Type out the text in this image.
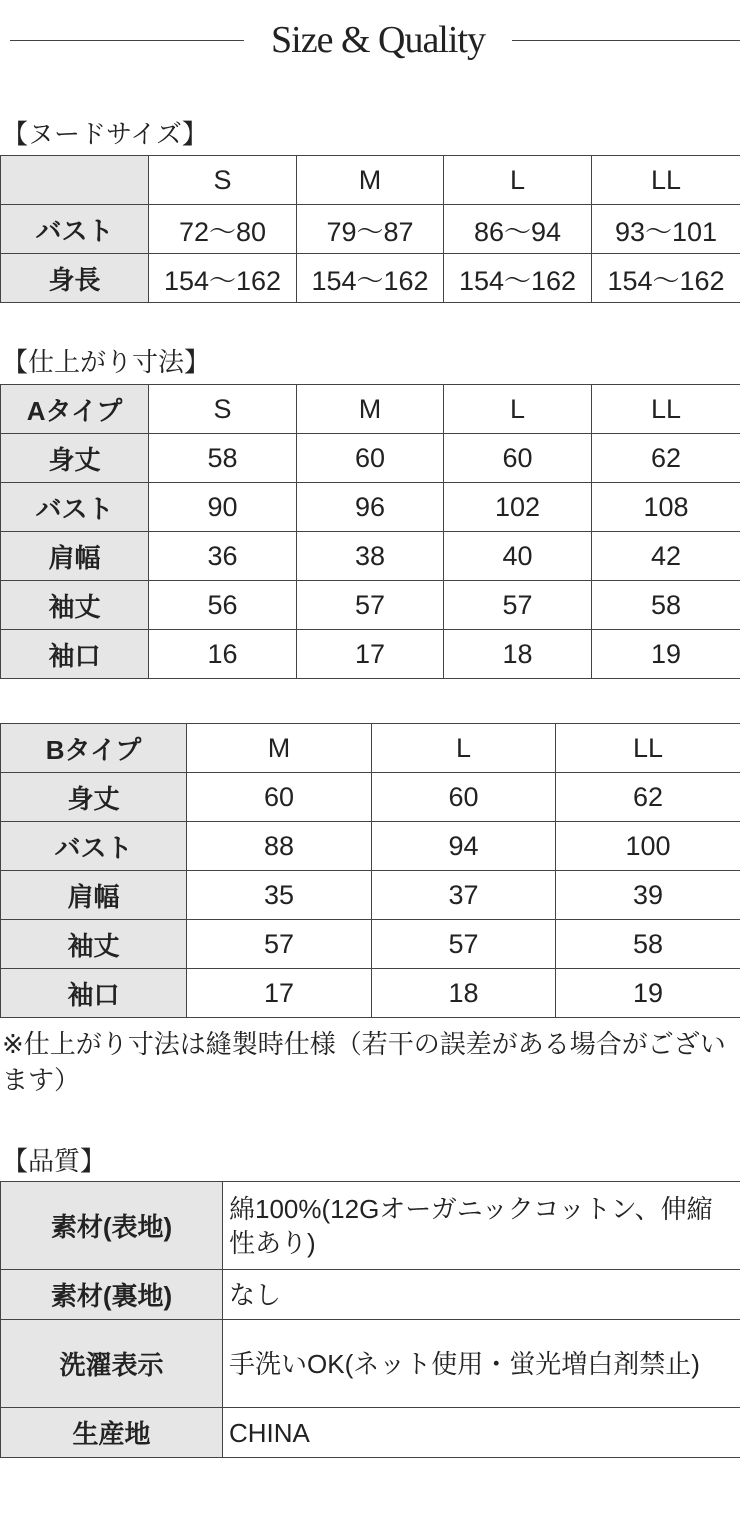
Size & Quality
【ヌードサイズ】
	S	M	L	LL
バスト	72〜80	79〜87	86〜94	93〜101
身長	154〜162	154〜162	154〜162	154〜162
【仕上がり寸法】
Aタイプ	S	M	L	LL
身丈	58	60	60	62
バスト	90	96	102	108
肩幅	36	38	40	42
袖丈	56	57	57	58
袖口	16	17	18	19
Bタイプ	M	L	LL
身丈	60	60	62
バスト	88	94	100
肩幅	35	37	39
袖丈	57	57	58
袖口	17	18	19
※仕上がり寸法は縫製時仕様（若干の誤差がある場合がございます）
【品質】
素材(表地)	綿100%(12Gオーガニックコットン、伸縮性あり)
素材(裏地)	なし
洗濯表示	手洗いOK(ネット使用・蛍光増白剤禁止)
生産地	CHINA
